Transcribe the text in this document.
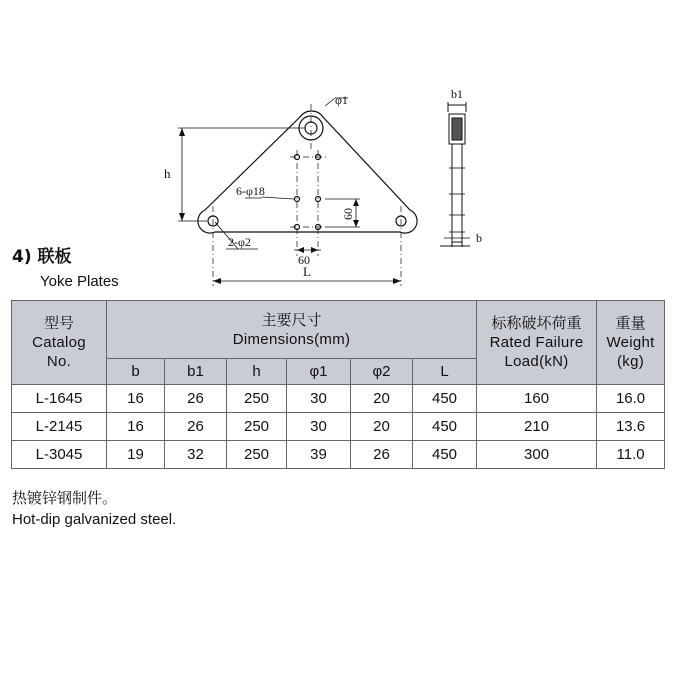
φ1
h
6-φ18
60
2-φ2
60
L
b1
b
4) 联板
Yoke Plates
型号
Catalog
No.	主要尺寸
Dimensions(mm)						标称破坏荷重
Rated Failure
Load(kN)	重量
Weight
(kg)

	b	b1	h	φ1	φ2	L		
L-1645	16	26	250	30	20	450	160	16.0
L-2145	16	26	250	30	20	450	210	13.6
L-3045	19	32	250	39	26	450	300	11.0
热镀锌钢制件。
Hot-dip galvanized steel.
